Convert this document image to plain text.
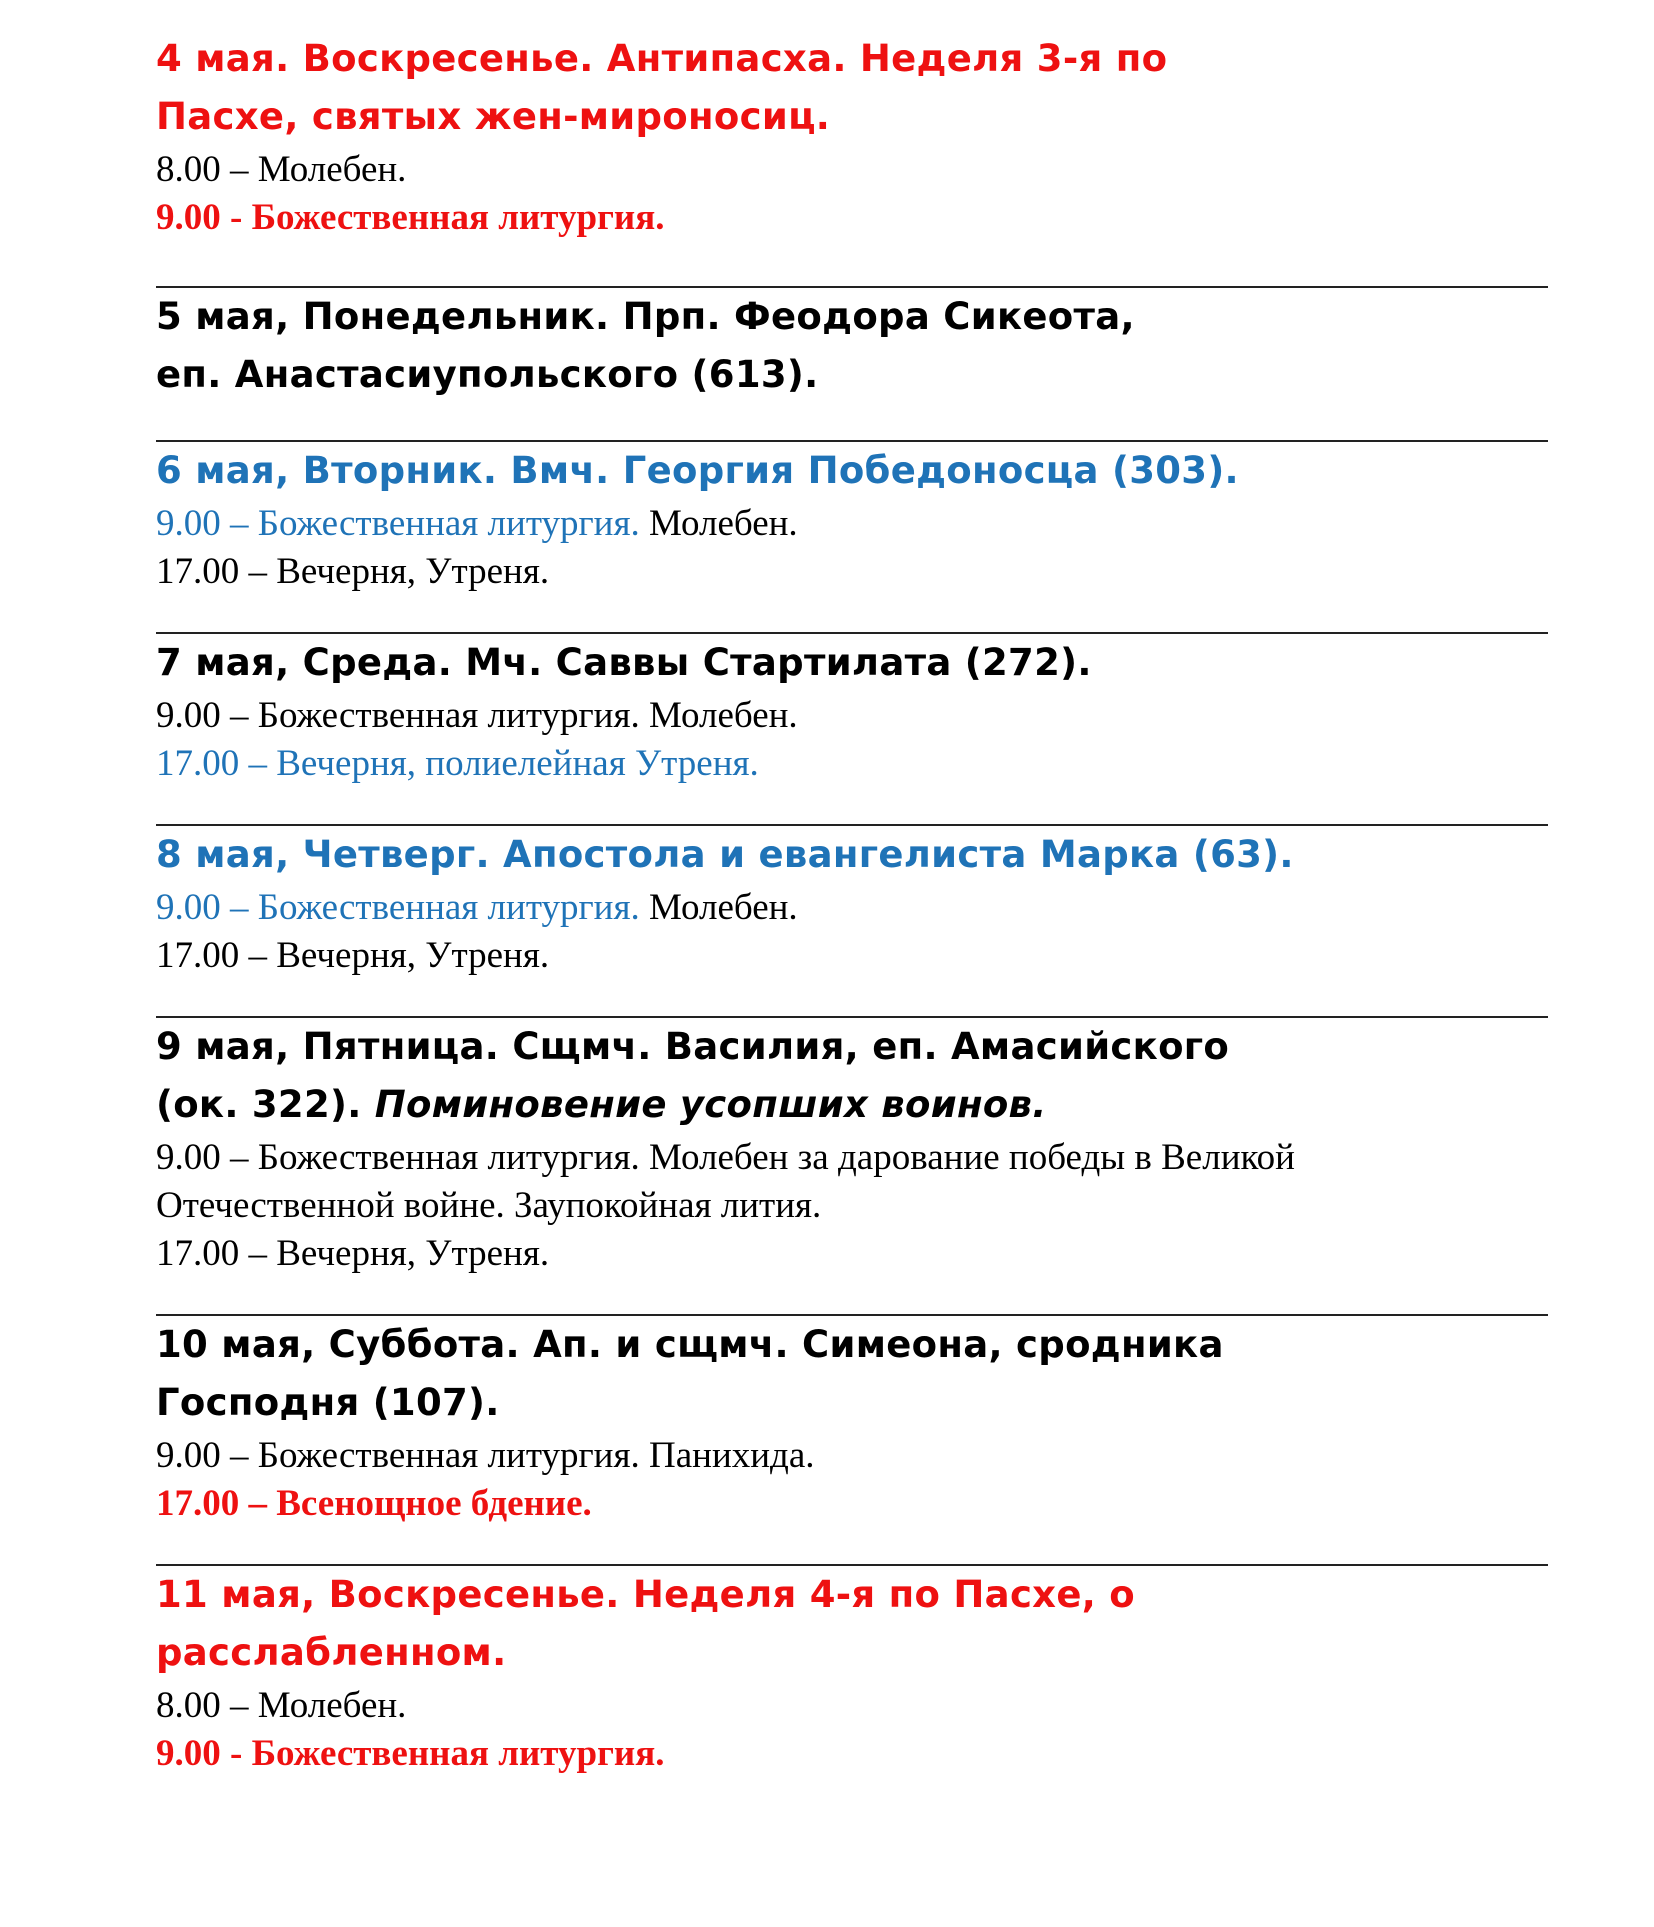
4 мая. Воскресенье. Антипасха. Неделя 3-я по Пасхе, святых жен-мироносиц.

8.00 – Молебен.

9.00 - Божественная литургия.

5 мая, Понедельник. Прп. Феодора Сикеота, еп. Анастасиупольского (613).

6 мая, Вторник. Вмч. Георгия Победоносца (303).

9.00 – Божественная литургия. Молебен.

17.00 – Вечерня, Утреня.

7 мая, Среда. Мч. Саввы Стартилата (272).

9.00 – Божественная литургия. Молебен.

17.00 – Вечерня, полиелейная Утреня.

8 мая, Четверг. Апостола и евангелиста Марка (63).

9.00 – Божественная литургия. Молебен.

17.00 – Вечерня, Утреня.

9 мая, Пятница. Сщмч. Василия, еп. Амасийского (ок. 322). Поминовение усопших воинов.

9.00 – Божественная литургия. Молебен за дарование победы в Великой

Отечественной войне. Заупокойная лития.

17.00 – Вечерня, Утреня.

10 мая, Суббота. Ап. и сщмч. Симеона, сродника Господня (107).

9.00 – Божественная литургия. Панихида.

17.00 – Всенощное бдение.

11 мая, Воскресенье. Неделя 4-я по Пасхе, о расслабленном.

8.00 – Молебен.

9.00 - Божественная литургия.
